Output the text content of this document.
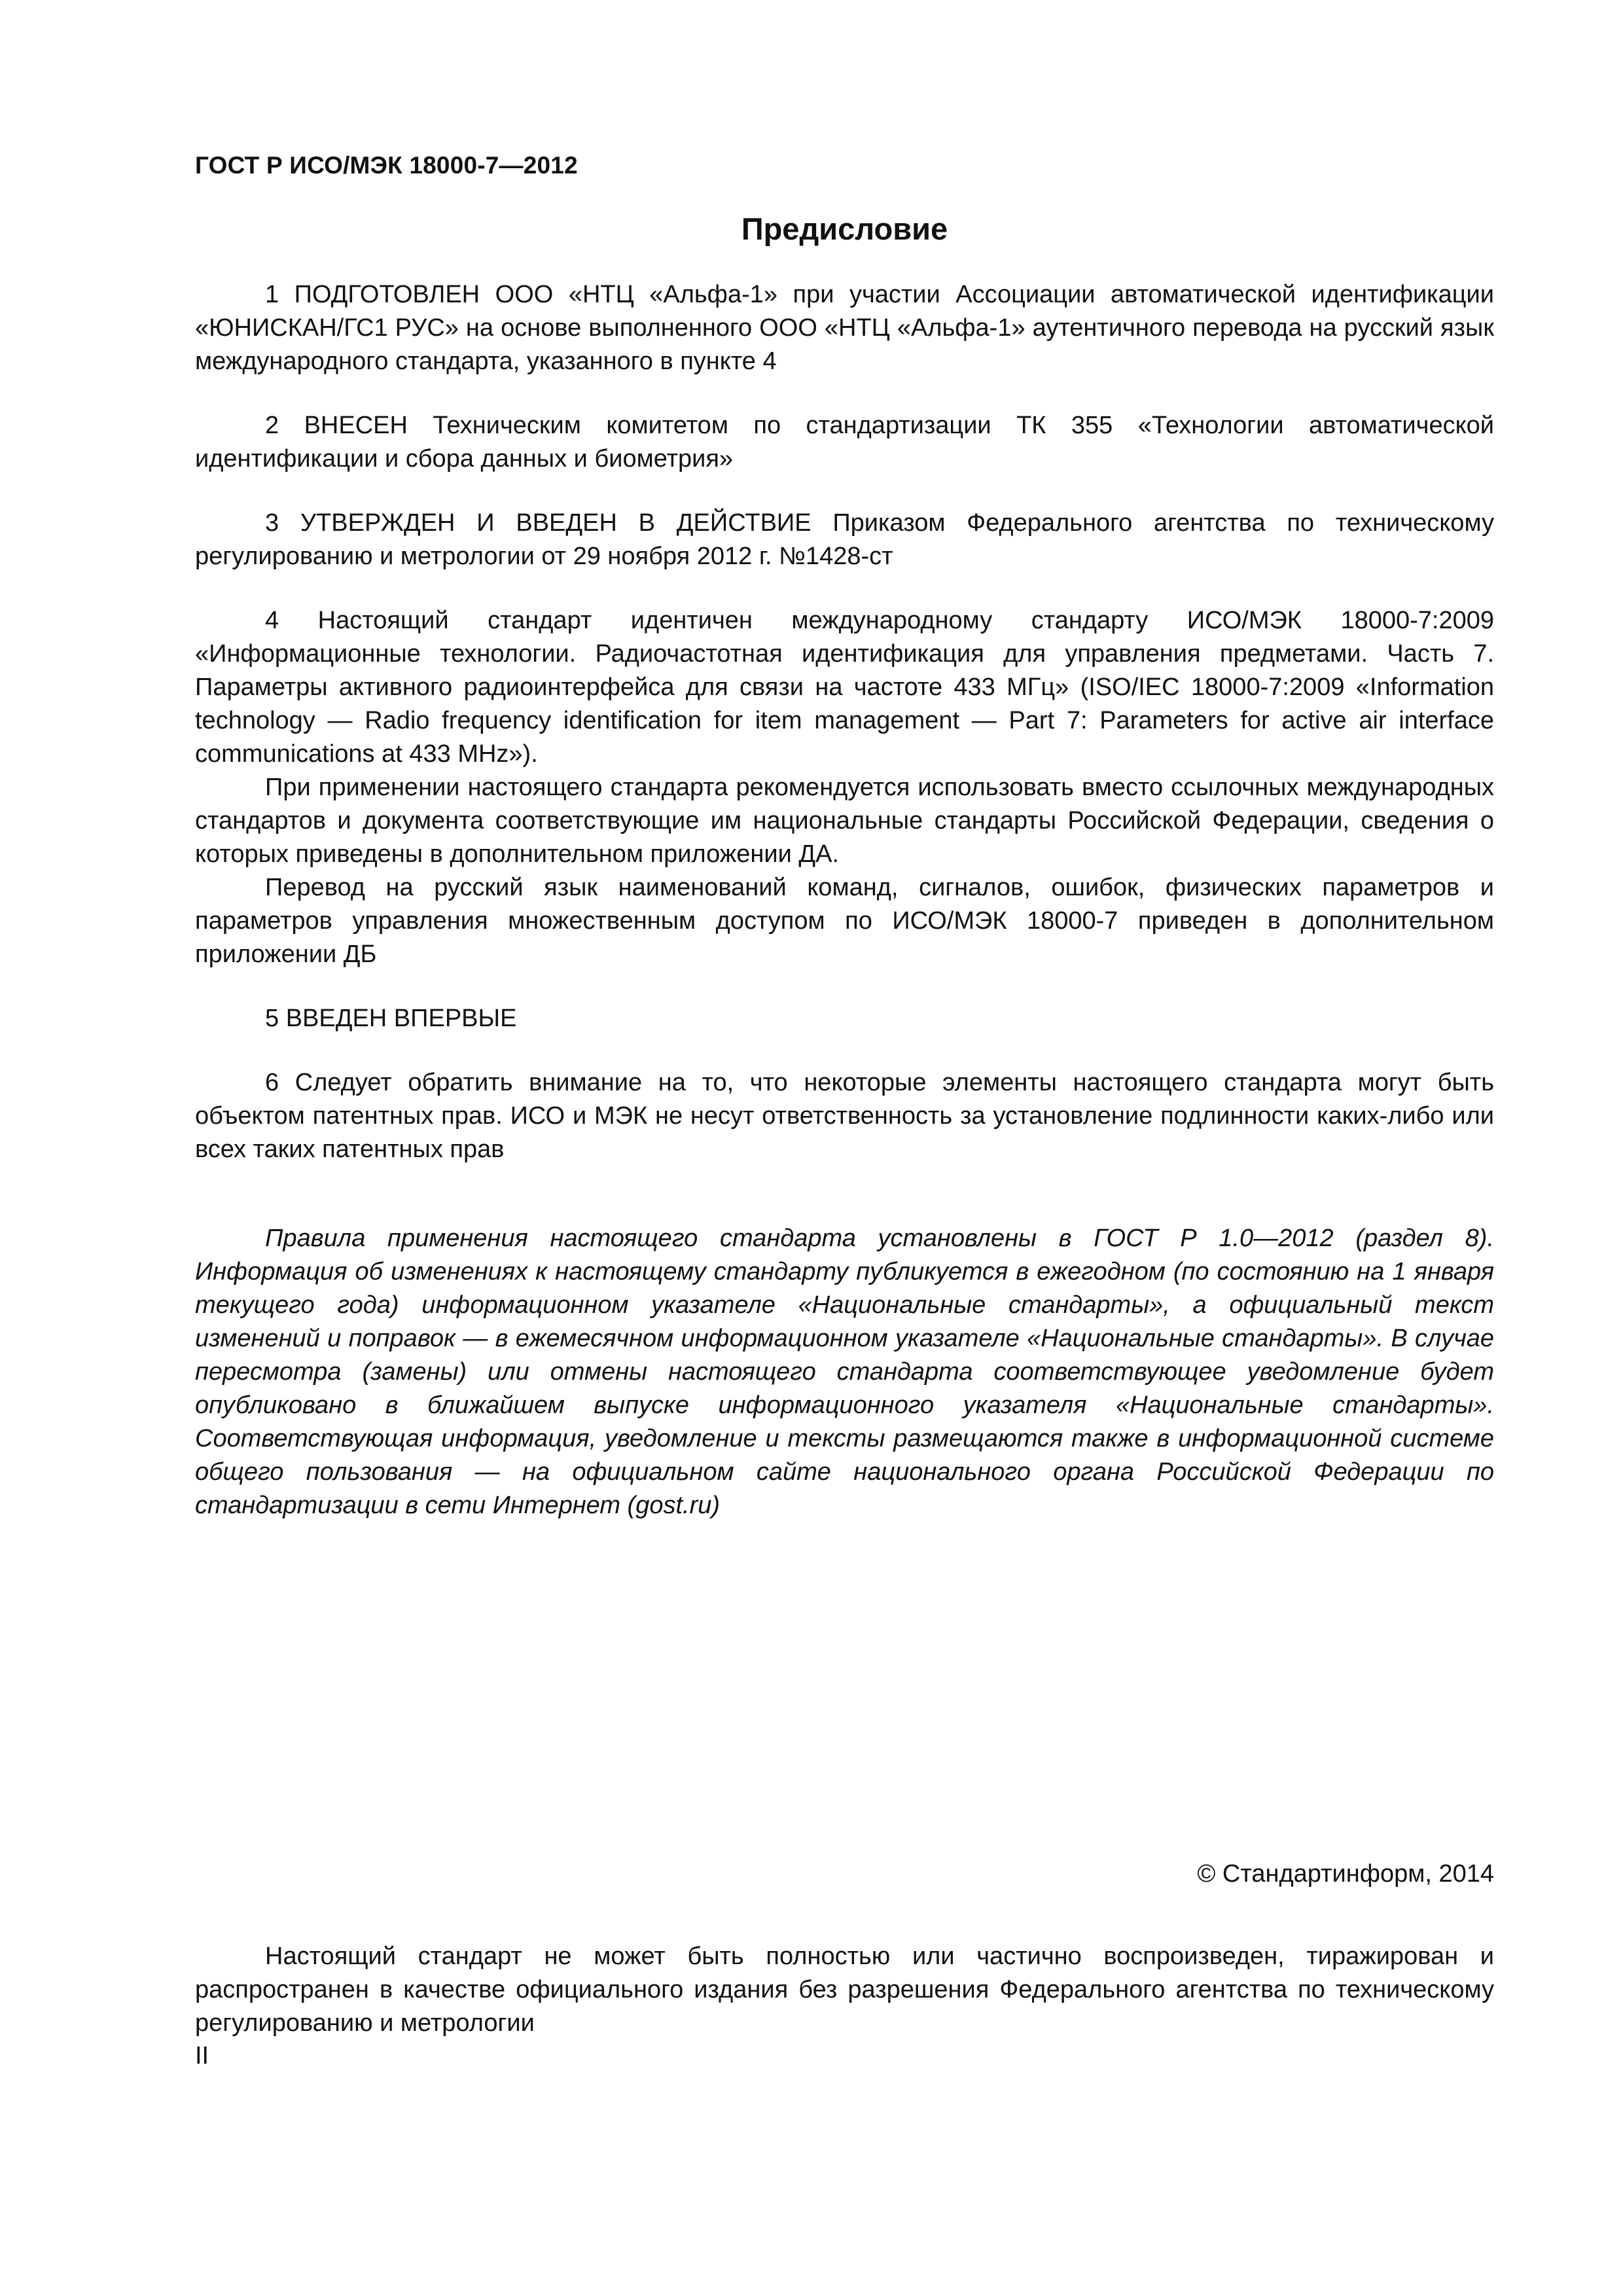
ГОСТ Р ИСО/МЭК 18000-7—2012

Предисловие

1 ПОДГОТОВЛЕН ООО «НТЦ «Альфа-1» при участии Ассоциации автоматической идентификации «ЮНИСКАН/ГС1 РУС» на основе выполненного ООО «НТЦ «Альфа-1» аутентичного перевода на русский язык международного стандарта, указанного в пункте 4

2 ВНЕСЕН Техническим комитетом по стандартизации ТК 355 «Технологии автоматической идентификации и сбора данных и биометрия»

3 УТВЕРЖДЕН И ВВЕДЕН В ДЕЙСТВИЕ Приказом Федерального агентства по техническому регулированию и метрологии от 29 ноября 2012 г. №1428-ст

4 Настоящий стандарт идентичен международному стандарту ИСО/МЭК 18000-7:2009 «Информационные технологии. Радиочастотная идентификация для управления предметами. Часть 7. Параметры активного радиоинтерфейса для связи на частоте 433 МГц» (ISO/IEC 18000-7:2009 «Information technology — Radio frequency identification for item management — Part 7: Parameters for active air interface communications at 433 MHz»).

При применении настоящего стандарта рекомендуется использовать вместо ссылочных международных стандартов и документа соответствующие им национальные стандарты Российской Федерации, сведения о которых приведены в дополнительном приложении ДА.

Перевод на русский язык наименований команд, сигналов, ошибок, физических параметров и параметров управления множественным доступом по ИСО/МЭК 18000-7 приведен в дополнительном приложении ДБ

5 ВВЕДЕН ВПЕРВЫЕ

6 Следует обратить внимание на то, что некоторые элементы настоящего стандарта могут быть объектом патентных прав. ИСО и МЭК не несут ответственность за установление подлинности каких-либо или всех таких патентных прав

Правила применения настоящего стандарта установлены в ГОСТ Р 1.0—2012 (раздел 8). Информация об изменениях к настоящему стандарту публикуется в ежегодном (по состоянию на 1 января текущего года) информационном указателе «Национальные стандарты», а официальный текст изменений и поправок — в ежемесячном информационном указателе «Национальные стандарты». В случае пересмотра (замены) или отмены настоящего стандарта соответствующее уведомление будет опубликовано в ближайшем выпуске информационного указателя «Национальные стандарты». Соответствующая информация, уведомление и тексты размещаются также в информационной системе общего пользования — на официальном сайте национального органа Российской Федерации по стандартизации в сети Интернет (gost.ru)

© Стандартинформ, 2014

Настоящий стандарт не может быть полностью или частично воспроизведен, тиражирован и распространен в качестве официального издания без разрешения Федерального агентства по техническому регулированию и метрологии

II
